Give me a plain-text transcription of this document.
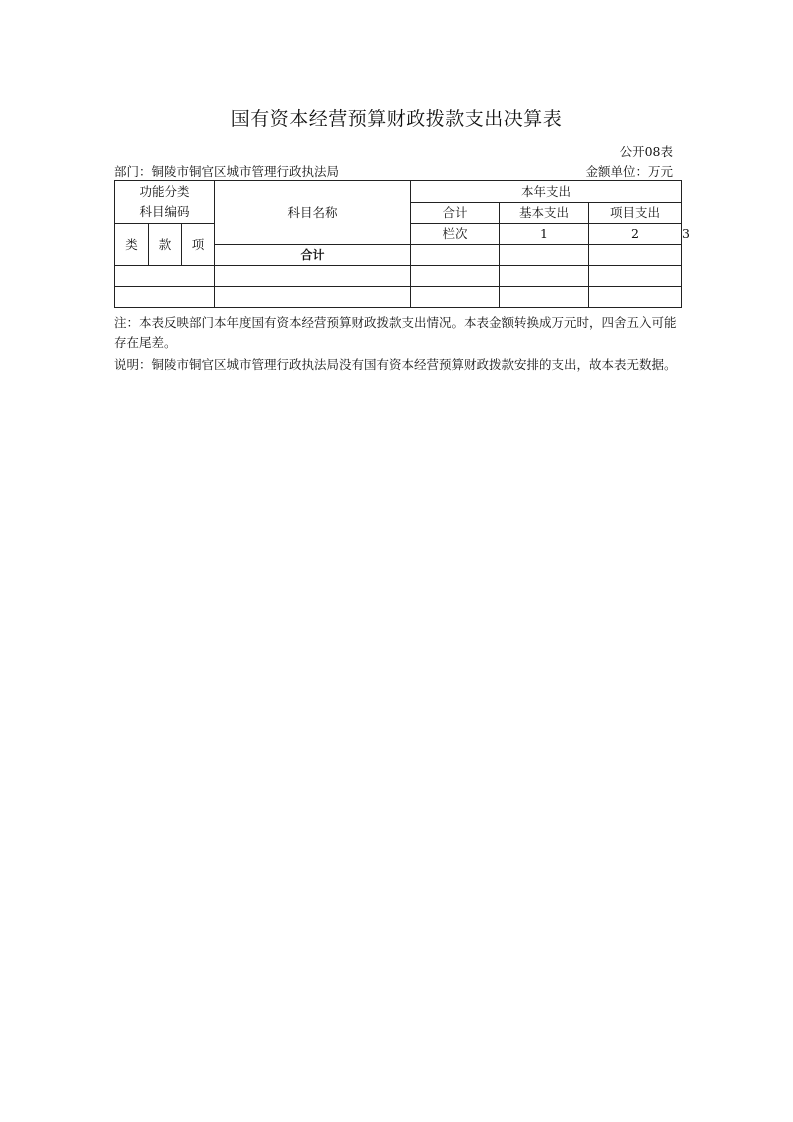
国有资本经营预算财政拨款支出决算表
公开08表
部门：铜陵市铜官区城市管理行政执法局	金额单位：万元
功能分类
科目编码			科目名称	本年支出			
				合计	基本支出	项目支出	
类	款	项		栏次	1	2	3
			合计				

注：本表反映部门本年度国有资本经营预算财政拨款支出情况。本表金额转换成万元时，四舍五入可能存在尾差。

说明：铜陵市铜官区城市管理行政执法局没有国有资本经营预算财政拨款安排的支出，故本表无数据。
